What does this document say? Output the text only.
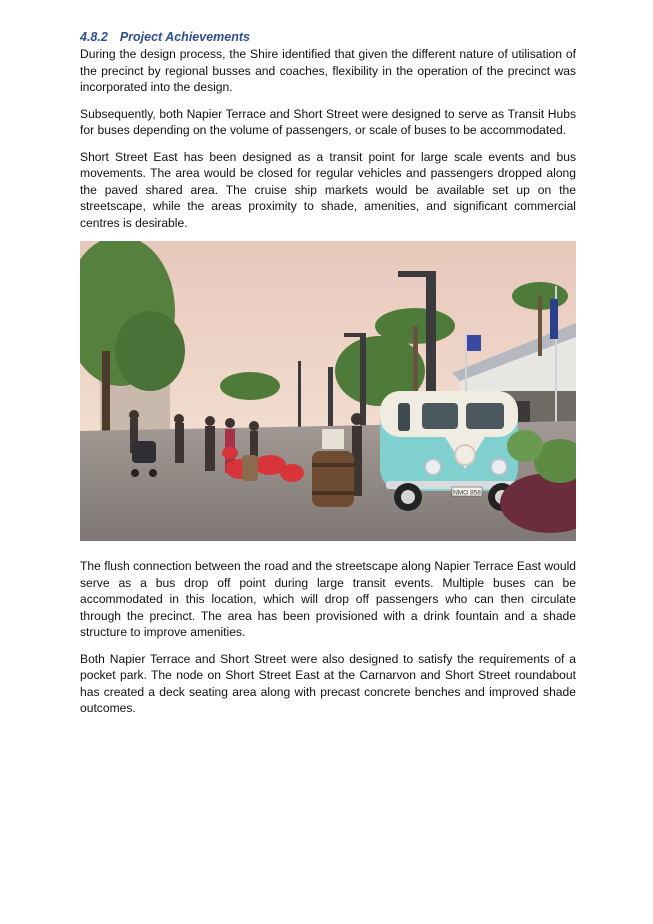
4.8.2 Project Achievements

During the design process, the Shire identified that given the different nature of utilisation of the precinct by regional busses and coaches, flexibility in the operation of the precinct was incorporated into the design.

Subsequently, both Napier Terrace and Short Street were designed to serve as Transit Hubs for buses depending on the volume of passengers, or scale of buses to be accommodated.

Short Street East has been designed as a transit point for large scale events and bus movements. The area would be closed for regular vehicles and passengers dropped along the paved shared area. The cruise ship markets would be available set up on the streetscape, while the areas proximity to shade, amenities, and significant commercial centres is desirable.

NMO 858

The flush connection between the road and the streetscape along Napier Terrace East would serve as a bus drop off point during large transit events. Multiple buses can be accommodated in this location, which will drop off passengers who can then circulate through the precinct. The area has been provisioned with a drink fountain and a shade structure to improve amenities.

Both Napier Terrace and Short Street were also designed to satisfy the requirements of a pocket park. The node on Short Street East at the Carnarvon and Short Street roundabout has created a deck seating area along with precast concrete benches and improved shade outcomes.
